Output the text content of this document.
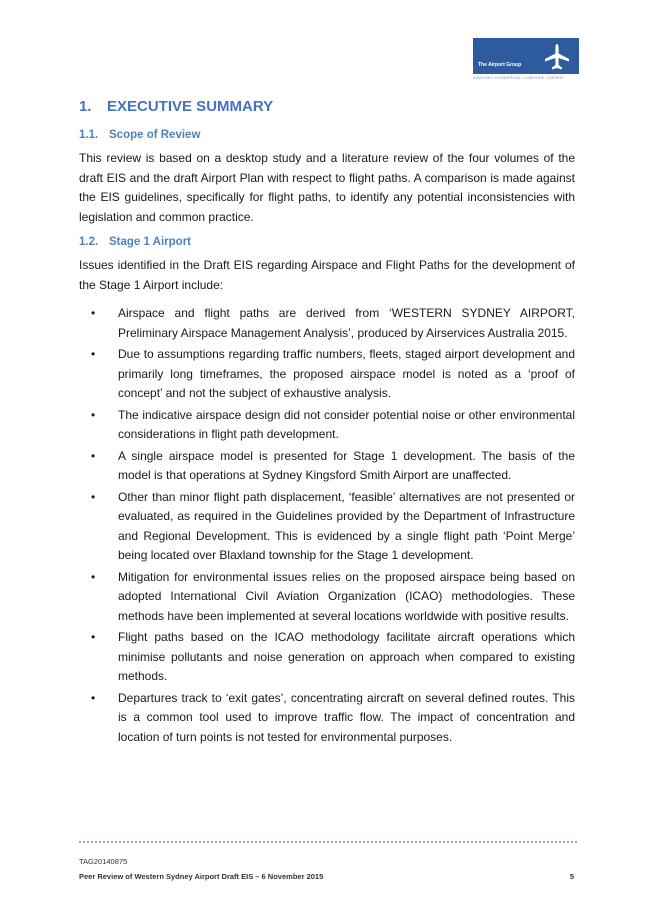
The Airport Group
AVIATION • COMMERCIAL • LANDSIDE • AIRSIDE
1. EXECUTIVE SUMMARY
1.1. Scope of Review

This review is based on a desktop study and a literature review of the four volumes of the draft EIS and the draft Airport Plan with respect to flight paths. A comparison is made against the EIS guidelines, specifically for flight paths, to identify any potential inconsistencies with legislation and common practice.

1.2. Stage 1 Airport

Issues identified in the Draft EIS regarding Airspace and Flight Paths for the development of the Stage 1 Airport include:

• Airspace and flight paths are derived from ‘WESTERN SYDNEY AIRPORT, Preliminary Airspace Management Analysis’, produced by Airservices Australia 2015.
• Due to assumptions regarding traffic numbers, fleets, staged airport development and primarily long timeframes, the proposed airspace model is noted as a ‘proof of concept’ and not the subject of exhaustive analysis.
• The indicative airspace design did not consider potential noise or other environmental considerations in flight path development.
• A single airspace model is presented for Stage 1 development. The basis of the model is that operations at Sydney Kingsford Smith Airport are unaffected.
• Other than minor flight path displacement, ‘feasible’ alternatives are not presented or evaluated, as required in the Guidelines provided by the Department of Infrastructure and Regional Development. This is evidenced by a single flight path ‘Point Merge’ being located over Blaxland township for the Stage 1 development.
• Mitigation for environmental issues relies on the proposed airspace being based on adopted International Civil Aviation Organization (ICAO) methodologies. These methods have been implemented at several locations worldwide with positive results.
• Flight paths based on the ICAO methodology facilitate aircraft operations which minimise pollutants and noise generation on approach when compared to existing methods.
• Departures track to ‘exit gates’, concentrating aircraft on several defined routes. This is a common tool used to improve traffic flow. The impact of concentration and location of turn points is not tested for environmental purposes.
TAG20140875
Peer Review of Western Sydney Airport Draft EIS – 6 November 2015	5
